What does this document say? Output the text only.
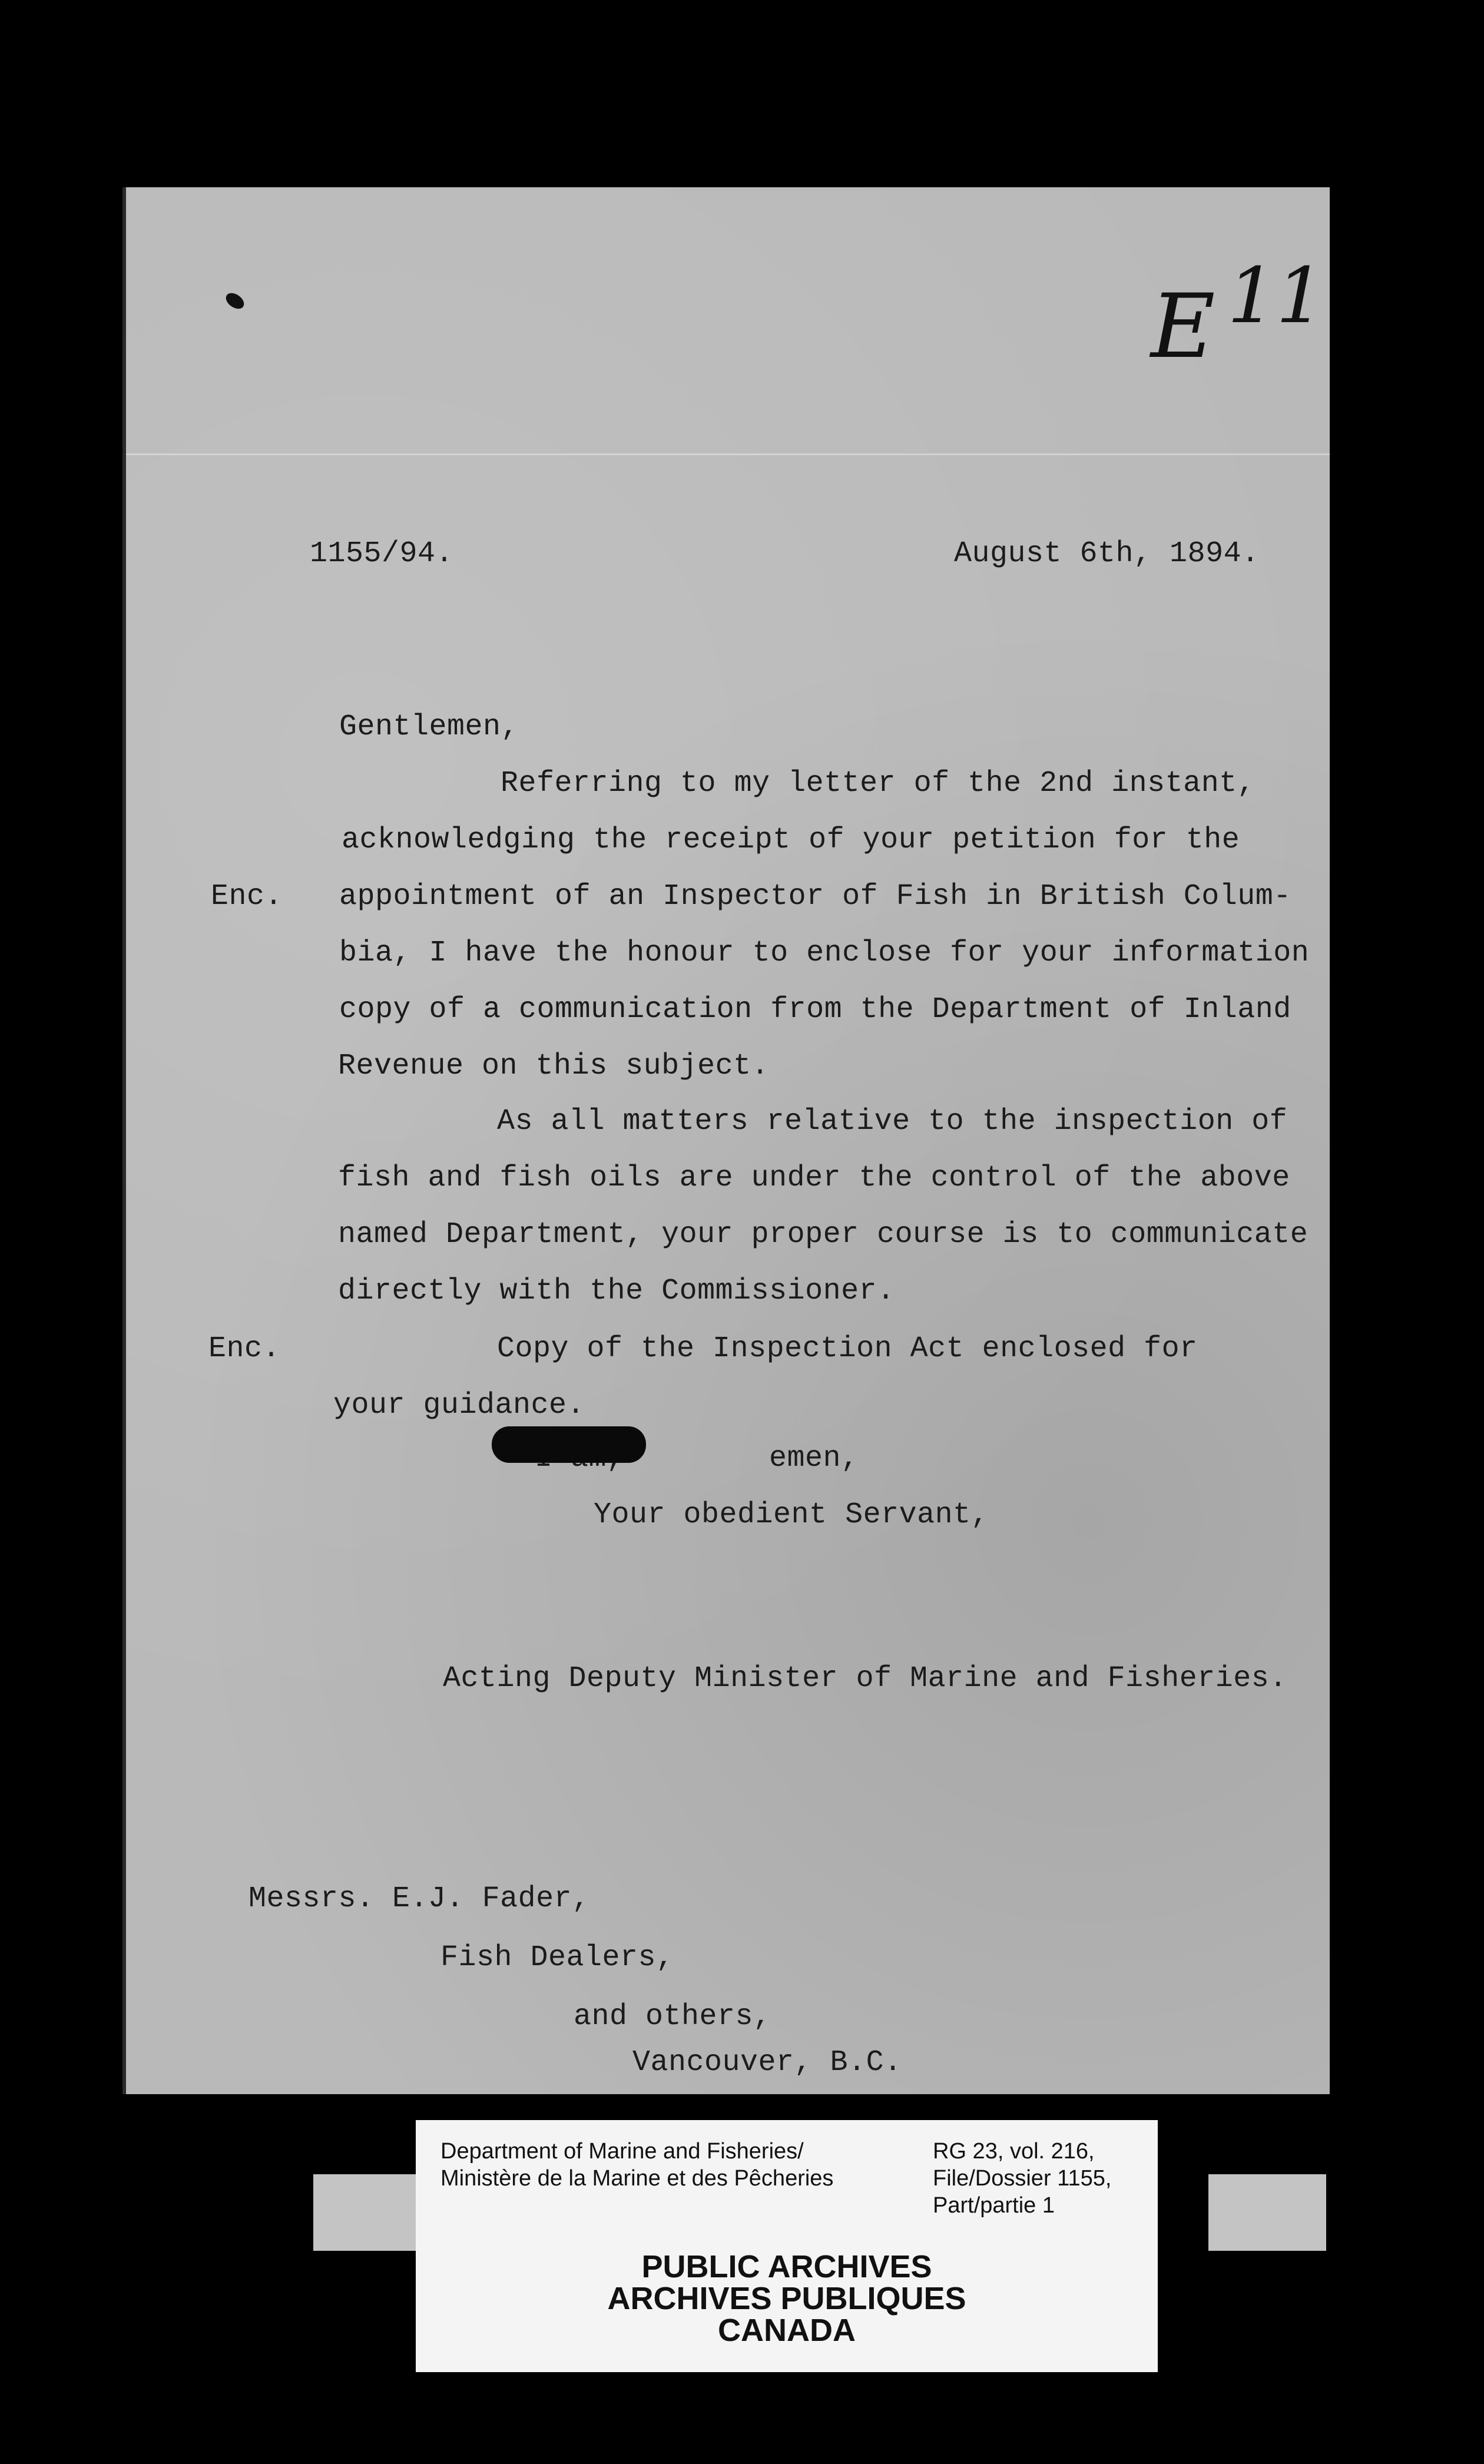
E 11
1155/94.	August 6th, 1894.
Gentlemen,
Referring to my letter of the 2nd instant,
acknowledging the receipt of your petition for the
Enc. appointment of an Inspector of Fish in British Colum-
bia, I have the honour to enclose for your information
copy of a communication from the Department of Inland
Revenue on this subject.
As all matters relative to the inspection of
fish and fish oils are under the control of the above
named Department, your proper course is to communicate
directly with the Commissioner.
Enc.	Copy of the Inspection Act enclosed for
your guidance.
emen,
Your obedient Servant,
Acting Deputy Minister of Marine and Fisheries.
Messrs. E.J. Fader,
Fish Dealers,
and others,
Vancouver, B.C.
Department of Marine and Fisheries/
Ministère de la Marine et des Pêcheries
RG 23, vol. 216,
File/Dossier 1155,
Part/partie 1
PUBLIC ARCHIVES
ARCHIVES PUBLIQUES
CANADA
